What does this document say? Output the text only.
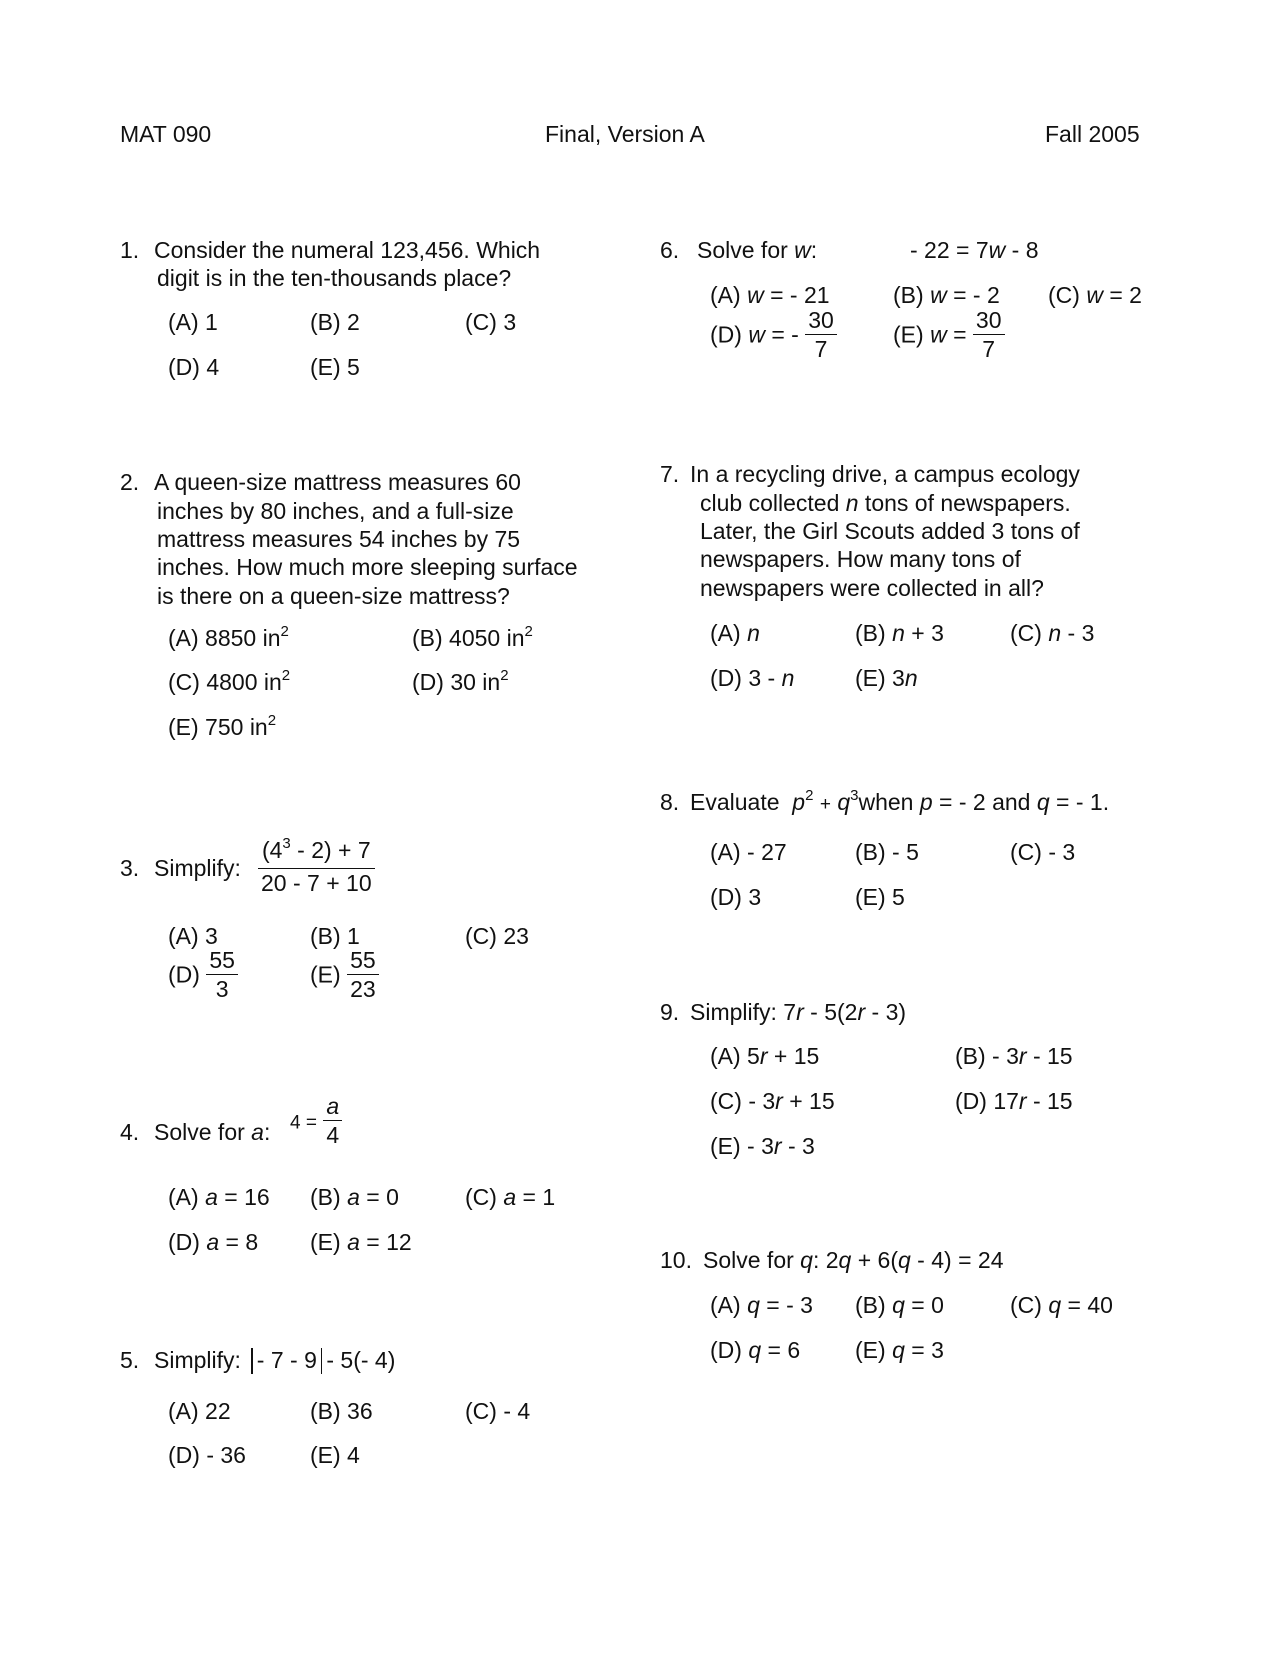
MAT 090	Final, Version A	Fall 2005
1. Consider the numeral 123,456. Which
digit is in the ten-thousands place?
(A) 1	(B) 2	(C) 3
(D) 4	(E) 5
2. A queen-size mattress measures 60
inches by 80 inches, and a full-size
mattress measures 54 inches by 75
inches. How much more sleeping surface
is there on a queen-size mattress?
(A) 8850 $in^2$	(B) 4050 $in^2$
(C) 4800 $in^2$	(D) 30 $in^2$
(E) 750 $in^2$
3. Simplify: $\frac{(4^3 - 2) + 7}{20 - 7 + 10}$
(A) 3	(B) 1	(C) 23
$(D) \frac{55}{3}$	$(E) \frac{55}{23}$
4. Solve for a: $4 = \frac{a}{4}$
(A) a = 16 (B) a = 0	(C) a = 1
(D) a = 8 (E) a = 12
5. Simplify: - 7 - 9 - 5(- 4)
(A) 22	(B) 36	(C) - 4
(D) - 36	(E) 4
6. Solve for w:	- 22 = 7w - 8
(A) w = - 21	(B) w = - 2 (C) w = 2
(D) w = - $\frac{30}{7} (E) w = \frac{30}{7}$
7. In a recycling drive, a campus ecology
club collected n tons of newspapers.
Later, the Girl Scouts added 3 tons of
newspapers. How many tons of
newspapers were collected in all?
(A) n	(B) n + 3	(C) n - 3
(D) 3 - n	(E) 3n
8. Evaluate $p^2$ + $q^3when$ p = - 2 and q = - 1.
(A) - 27	(B) - 5	(C) - 3
(D) 3	(E) 5
9. Simplify: 7r - 5(2r - 3)
(A) 5r + 15	(B) - 3r - 15
(C) - 3r + 15	(D) 17r - 15
(E) - 3r - 3
10. Solve for q: 2q + 6(q - 4) = 24
(A) q = - 3 (B) q = 0	(C) q = 40
(D) q = 6 (E) q = 3
